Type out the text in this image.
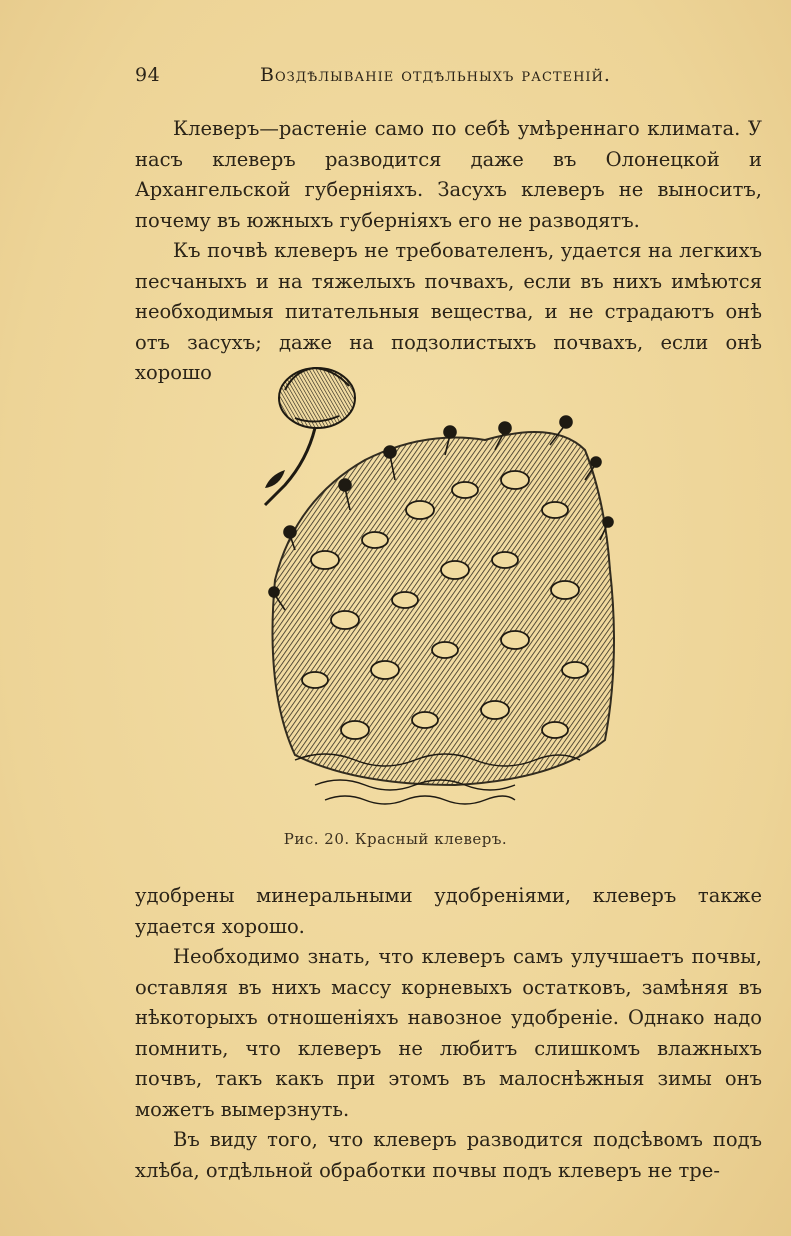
94	Воздѣлываніе отдѣльныхъ растеній.

Клеверъ—растеніе само по себѣ умѣреннаго климата. У насъ клеверъ разводится даже въ Олонецкой и Архангельской губерніяхъ. Засухъ клеверъ не выноситъ, почему въ южныхъ губерніяхъ его не разводятъ.

Къ почвѣ клеверъ не требователенъ, удается на легкихъ песчаныхъ и на тяжелыхъ почвахъ, если въ нихъ имѣются необходимыя питательныя вещества, и не страдаютъ онѣ отъ засухъ; даже на подзолистыхъ почвахъ, если онѣ хорошо

Рис. 20. Красный клеверъ.

удобрены минеральными удобреніями, клеверъ также удается хорошо.

Необходимо знать, что клеверъ самъ улучшаетъ почвы, оставляя въ нихъ массу корневыхъ остатковъ, замѣняя въ нѣкоторыхъ отношеніяхъ навозное удобреніе. Однако надо помнить, что клеверъ не любитъ слишкомъ влажныхъ почвъ, такъ какъ при этомъ въ малоснѣжныя зимы онъ можетъ вымерзнуть.

Въ виду того, что клеверъ разводится подсѣвомъ подъ хлѣба, отдѣльной обработки почвы подъ клеверъ не тре-
